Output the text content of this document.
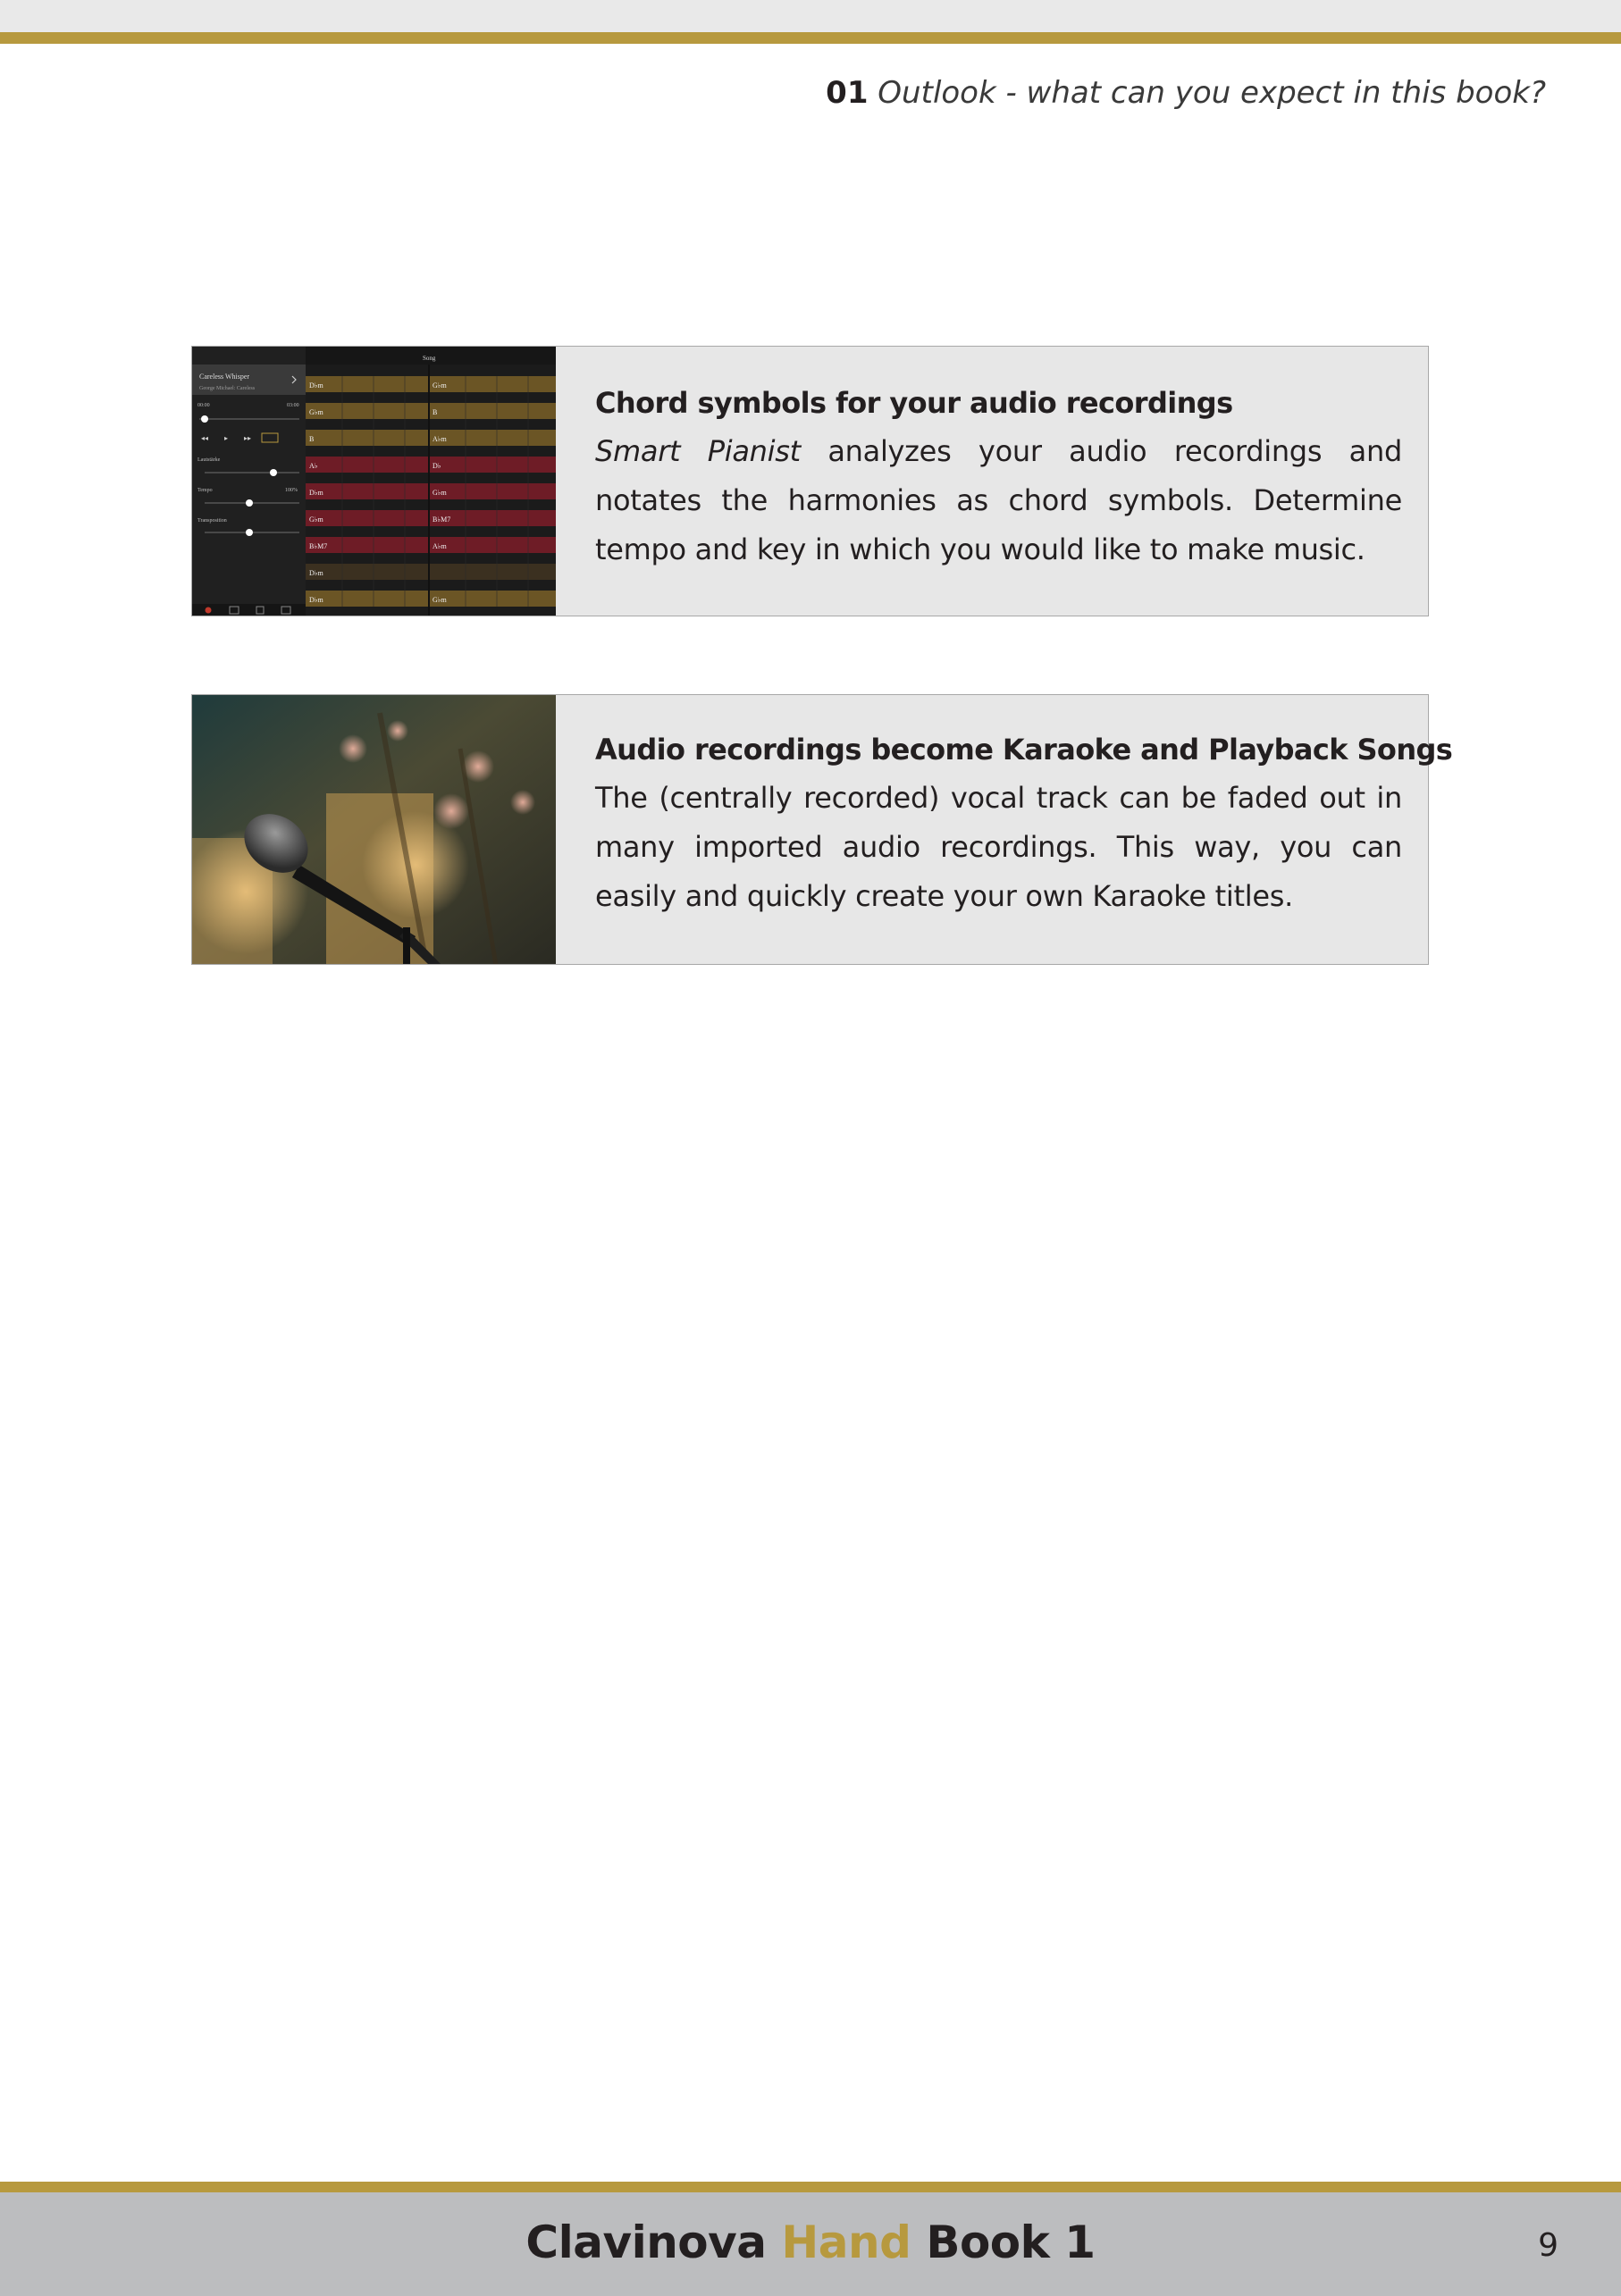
01 Outlook - what can you expect in this book?
Careless Whisper
George Michael: Careless
00:00	03:00
◂◂ ▸ ▸▸
Lautstärke
Tempo	100%
Transposition
Song
D♭m
G♭m
B
A♭
D♭m
G♭m
B♭M7
D♭m
D♭m
G♭m
B
A♭m
D♭
G♭m
B♭M7
A♭m
G♭m

Chord symbols for your audio recordings

Smart Pianist analyzes your audio recordings and notates the harmonies as chord symbols. Determine tempo and key in which you would like to make music.

Audio recordings become Karaoke and Playback Songs

The (centrally recorded) vocal track can be faded out in many imported audio recordings. This way, you can easily and quickly create your own Karaoke titles.

Clavinova Hand Book 1	9
